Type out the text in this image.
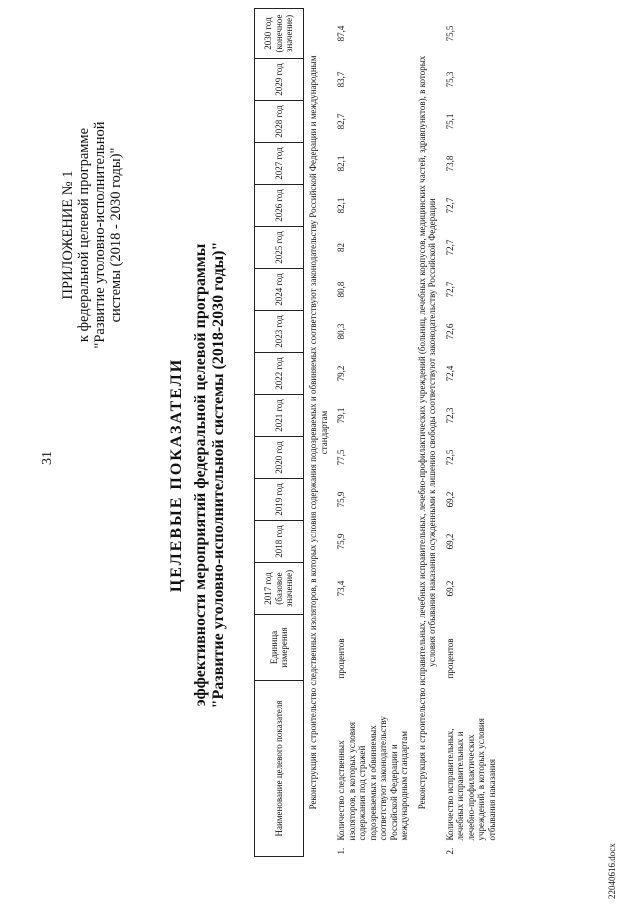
31
ПРИЛОЖЕНИЕ № 1 к федеральной целевой программе "Развитие уголовно-исполнительной системы (2018 - 2030 годы)"
ЦЕЛЕВЫЕ ПОКАЗАТЕЛИ эффективности мероприятий федеральной целевой программы "Развитие уголовно-исполнительной системы (2018-2030 годы)"
Наименование целевого показателя	Единица измерения	2017 год (базовое значение)	2018 год	2019 год	2020 год	2021 год	2022 год	2023 год	2024 год	2025 год	2026 год	2027 год	2028 год	2029 год	2030 год (конечное значение)
Реконструкция и строительство следственных изоляторов, в которых условия содержания подозреваемых и обвиняемых соответствуют законодательству Российской Федерации и международным стандартам															
1.Количество следственных изоляторов, в которых условия содержания под стражей подозреваемых и обвиняемых соответствуют законодательству Российской Федерации и международным стандартам	процентов	73,4	75,9	75,9	77,5	79,1	79,2	80,3	80,8	82	82,1	82,1	82,7	83,7	87,4
Реконструкция и строительство исправительных, лечебных исправительных, лечебно-профилактических учреждений (больниц, лечебных корпусов, медицинских частей, здравпунктов), в которых условия отбывания наказания осужденными к лишению свободы соответствуют законодательству Российской Федерации															
2.Количество исправительных, лечебных исправительных и лечебно-профилактических учреждений, в которых условия отбывания наказания	процентов	69,2	69,2	69,2	72,5	72,3	72,4	72,6	72,7	72,7	72,7	73,8	75,1	75,3	75,5
22040616.docx
